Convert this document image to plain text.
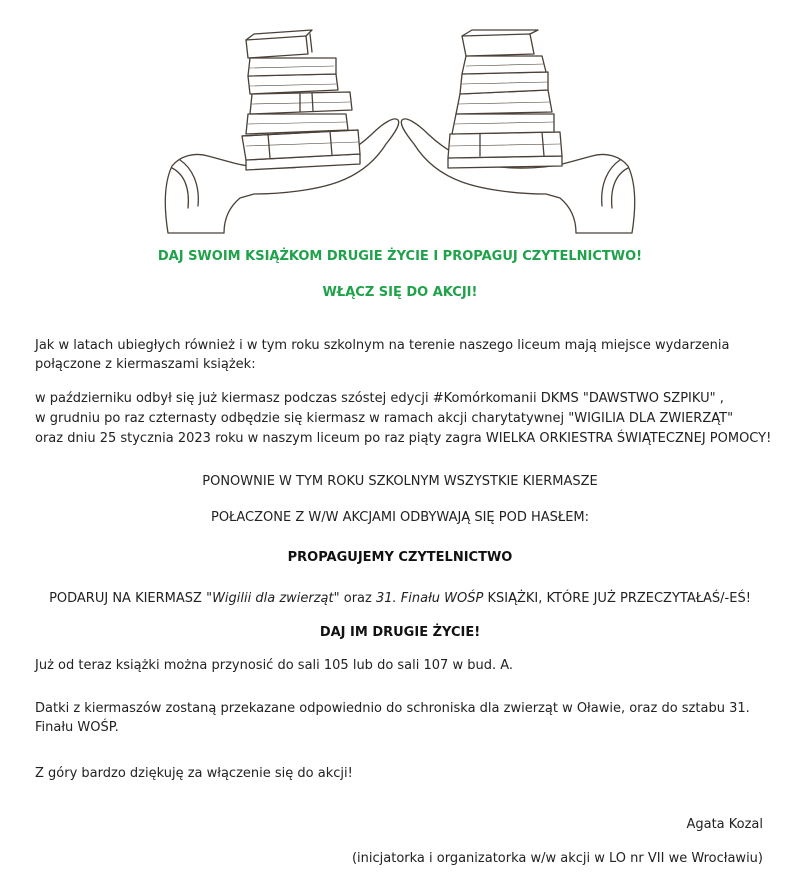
DAJ SWOIM KSIĄŻKOM DRUGIE ŻYCIE I PROPAGUJ CZYTELNICTWO!

WŁĄCZ SIĘ DO AKCJI!

Jak w latach ubiegłych również i w tym roku szkolnym na terenie naszego liceum mają miejsce wydarzenia

połączone z kiermaszami książek:

w październiku odbył się już kiermasz podczas szóstej edycji #Komórkomanii DKMS "DAWSTWO SZPIKU" ,

w grudniu po raz czternasty odbędzie się kiermasz w ramach akcji charytatywnej "WIGILIA DLA ZWIERZĄT"

oraz dniu 25 stycznia 2023 roku w naszym liceum po raz piąty zagra WIELKA ORKIESTRA ŚWIĄTECZNEJ POMOCY!

PONOWNIE W TYM ROKU SZKOLNYM WSZYSTKIE KIERMASZE

POŁACZONE Z W/W AKCJAMI ODBYWAJĄ SIĘ POD HASŁEM:

PROPAGUJEMY CZYTELNICTWO

PODARUJ NA KIERMASZ "Wigilii dla zwierząt" oraz 31. Finału WOŚP KSIĄŻKI, KTÓRE JUŻ PRZECZYTAŁAŚ/-EŚ!

DAJ IM DRUGIE ŻYCIE!

Już od teraz książki można przynosić do sali 105 lub do sali 107 w bud. A.

Datki z kiermaszów zostaną przekazane odpowiednio do schroniska dla zwierząt w Oławie, oraz do sztabu 31.

Finału WOŚP.

Z góry bardzo dziękuję za włączenie się do akcji!

Agata Kozal

(inicjatorka i organizatorka w/w akcji w LO nr VII we Wrocławiu)
